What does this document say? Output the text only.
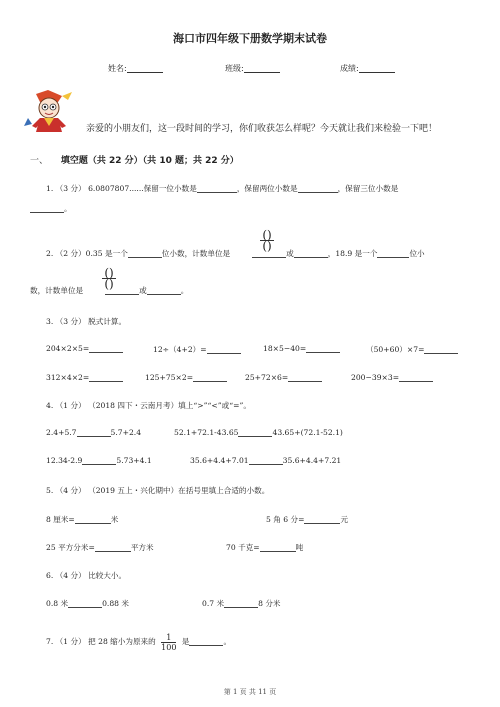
海口市四年级下册数学期末试卷
姓名:	班级:	成绩:
亲爱的小朋友们，这一段时间的学习，你们收获怎么样呢？今天就让我们来检验一下吧！
一、 填空题（共 22 分）（共 10 题；共 22 分）
1. （3 分） 6.0807807......保留一位小数是	，保留两位小数是	，保留三位小数是
。
()
()
2. （2 分）0.35 是一个	位小数，计数单位是	或	，18.9 是一个	位小
()
()
数，计数单位是	或	。
3. （3 分） 脱式计算。
204×2×5=	12÷（4+2）=	18×5−40=	（50+60）×7=
312×4×2=	125+75×2=	25+72×6=	200−39×3=
4. （1 分） （2018 四下・云南月考）填上“>”“<”或“=”。
2.4+5.7	5.7+2.4	52.1+72.1-43.65	43.65+(72.1-52.1)
12.34-2.9	5.73+4.1	35.6+4.4+7.01	35.6+4.4+7.21
5. （4 分） （2019 五上・兴化期中）在括号里填上合适的小数。
8 厘米=	米	5 角 6 分=	元
25 平方分米=	平方米	70 千克=	吨
6. （4 分） 比较大小。
0.8 米	0.88 米	0.7 米	8 分米
7. （1 分） 把 28 缩小为原来的 $\frac{1}{100}$ 是	。
第 1 页 共 11 页
